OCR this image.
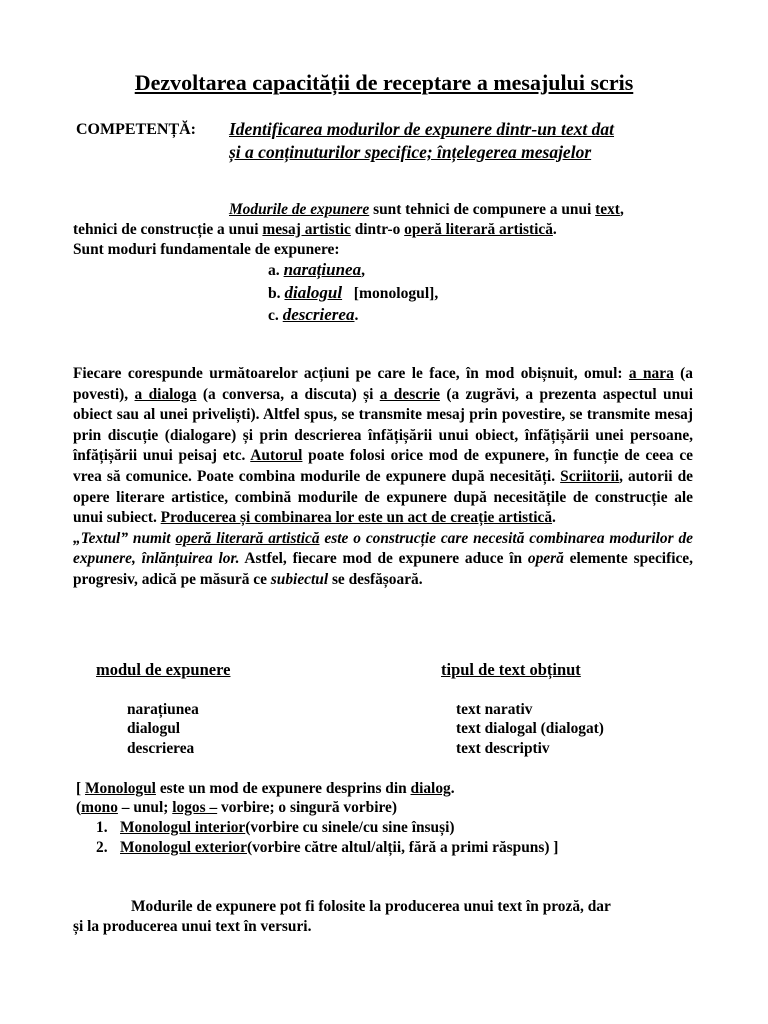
Dezvoltarea capacității de receptare a mesajului scris
COMPETENȚĂ: Identificarea modurilor de expunere dintr-un text dat
și a conținuturilor specifice; înțelegerea mesajelor
Modurile de expunere sunt tehnici de compunere a unui text,
tehnici de construcție a unui mesaj artistic dintr-o operă literară artistică.
Sunt moduri fundamentale de expunere:
a. narațiunea,
b. dialogul   [monologul],
c. descrierea.
Fiecare corespunde următoarelor acțiuni pe care le face, în mod obișnuit, omul: a nara (a povesti), a dialoga (a conversa, a discuta) și a descrie (a zugrăvi, a prezenta aspectul unui obiect sau al unei priveliști). Altfel spus, se transmite mesaj prin povestire, se transmite mesaj prin discuție (dialogare) și prin descrierea înfățișării unui obiect, înfățișării unei persoane, înfățișării unui peisaj etc. Autorul poate folosi orice mod de expunere, în funcție de ceea ce vrea să comunice. Poate combina modurile de expunere după necesități. Scriitorii, autorii de opere literare artistice, combină modurile de expunere după necesitățile de construcție ale unui subiect. Producerea și combinarea lor este un act de creație artistică.
„Textul” numit operă literară artistică este o construcție care necesită combinarea modurilor de expunere, înlănțuirea lor. Astfel, fiecare mod de expunere aduce în operă elemente specifice, progresiv, adică pe măsură ce subiectul se desfășoară.
modul de expunere	tipul de text obținut
narațiunea	text narativ
dialogul	text dialogal (dialogat)
descrierea	text descriptiv
[ Monologul este un mod de expunere desprins din dialog.
(mono – unul; logos – vorbire; o singură vorbire)
1. Monologul interior(vorbire cu sinele/cu sine însuși)
2. Monologul exterior(vorbire către altul/alții, fără a primi răspuns) ]
Modurile de expunere pot fi folosite la producerea unui text în proză, dar
și la producerea unui text în versuri.
